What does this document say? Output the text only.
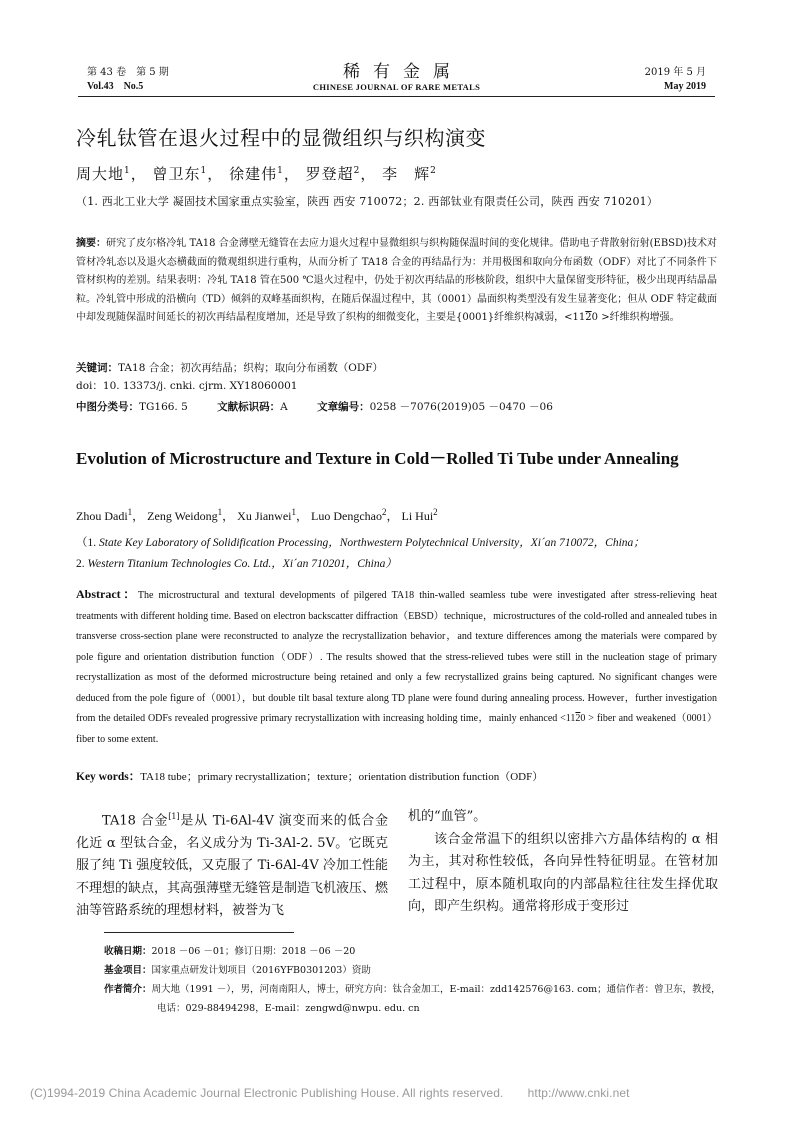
第 43 卷　第 5 期
Vol.43　No.5
稀有金属
CHINESE JOURNAL OF RARE METALS
2019 年 5 月
May 2019
冷轧钛管在退火过程中的显微组织与织构演变
周大地$^1$， 曾卫东$^1$， 徐建伟$^1$， 罗登超$^2$， 李　辉$^2$
（1. 西北工业大学 凝固技术国家重点实验室，陕西 西安 710072；2. 西部钛业有限责任公司，陕西 西安 710201）
摘要：研究了皮尔格冷轧 TA18 合金薄壁无缝管在去应力退火过程中显微组织与织构随保温时间的变化规律。借助电子背散射衍射(EBSD)技术对管材冷轧态以及退火态横截面的微观组织进行重构，从而分析了 TA18 合金的再结晶行为：并用极图和取向分布函数（ODF）对比了不同条件下管材织构的差别。结果表明：冷轧 TA18 管在500 ℃退火过程中，仍处于初次再结晶的形核阶段，组织中大量保留变形特征，极少出现再结晶晶粒。冷轧管中形成的沿横向（TD）倾斜的双峰基面织构，在随后保温过程中，其（0001）晶面织构类型没有发生显著变化；但从 ODF 特定截面中却发现随保温时间延长的初次再结晶程度增加，还是导致了织构的细微变化，主要是{0001}纤维织构减弱，<1120 >纤维织构增强。
关键词：TA18 合金；初次再结晶；织构；取向分布函数（ODF）
doi：10. 13373/j. cnki. cjrm. XY18060001
中图分类号：TG166. 5	文献标识码：A	文章编号：0258 －7076(2019)05 －0470 －06
Evolution of Microstructure and Texture in Cold－Rolled Ti Tube under Annealing
Zhou Dadi$^1$， Zeng Weidong$^1$， Xu Jianwei$^1$， Luo Dengchao$^2$， Li Hui$^2$
（1. State Key Laboratory of Solidification Processing，Northwestern Polytechnical University，Xi´an 710072，China；
2. Western Titanium Technologies Co. Ltd.，Xi´an 710201，China）
Abstract：The microstructural and textural developments of pilgered TA18 thin-walled seamless tube were investigated after stress-relieving heat treatments with different holding time. Based on electron backscatter diffraction（EBSD）technique，microstructures of the cold-rolled and annealed tubes in transverse cross-section plane were reconstructed to analyze the recrystallization behavior，and texture differences among the materials were compared by pole figure and orientation distribution function（ODF）. The results showed that the stress-relieved tubes were still in the nucleation stage of primary recrystallization as most of the deformed microstructure being retained and only a few recrystallized grains being captured. No significant changes were deduced from the pole figure of（0001），but double tilt basal texture along TD plane were found during annealing process. However，further investigation from the detailed ODFs revealed progressive primary recrystallization with increasing holding time，mainly enhanced <1120 > fiber and weakened（0001）fiber to some extent.
Key words：TA18 tube；primary recrystallization；texture；orientation distribution function（ODF）

TA18 合金[1]是从 Ti-6Al-4V 演变而来的低合金化近 α 型钛合金，名义成分为 Ti-3Al-2. 5V。它既克服了纯 Ti 强度较低，又克服了 Ti-6Al-4V 冷加工性能不理想的缺点，其高强薄壁无缝管是制造飞机液压、燃油等管路系统的理想材料，被誉为飞

机的“血管”。

该合金常温下的组织以密排六方晶体结构的 α 相为主，其对称性较低，各向异性特征明显。在管材加工过程中，原本随机取向的内部晶粒往往发生择优取向，即产生织构。通常将形成于变形过

收稿日期：2018 －06 －01；修订日期：2018 －06 －20
基金项目：国家重点研发计划项目（2016YFB0301203）资助
作者简介：周大地（1991 －），男，河南南阳人，博士，研究方向：钛合金加工，E-mail：zdd142576@163. com；通信作者：曾卫东，教授，
电话：029-88494298，E-mail：zengwd@nwpu. edu. cn
(C)1994-2019 China Academic Journal Electronic Publishing House. All rights reserved.　　http://www.cnki.net
